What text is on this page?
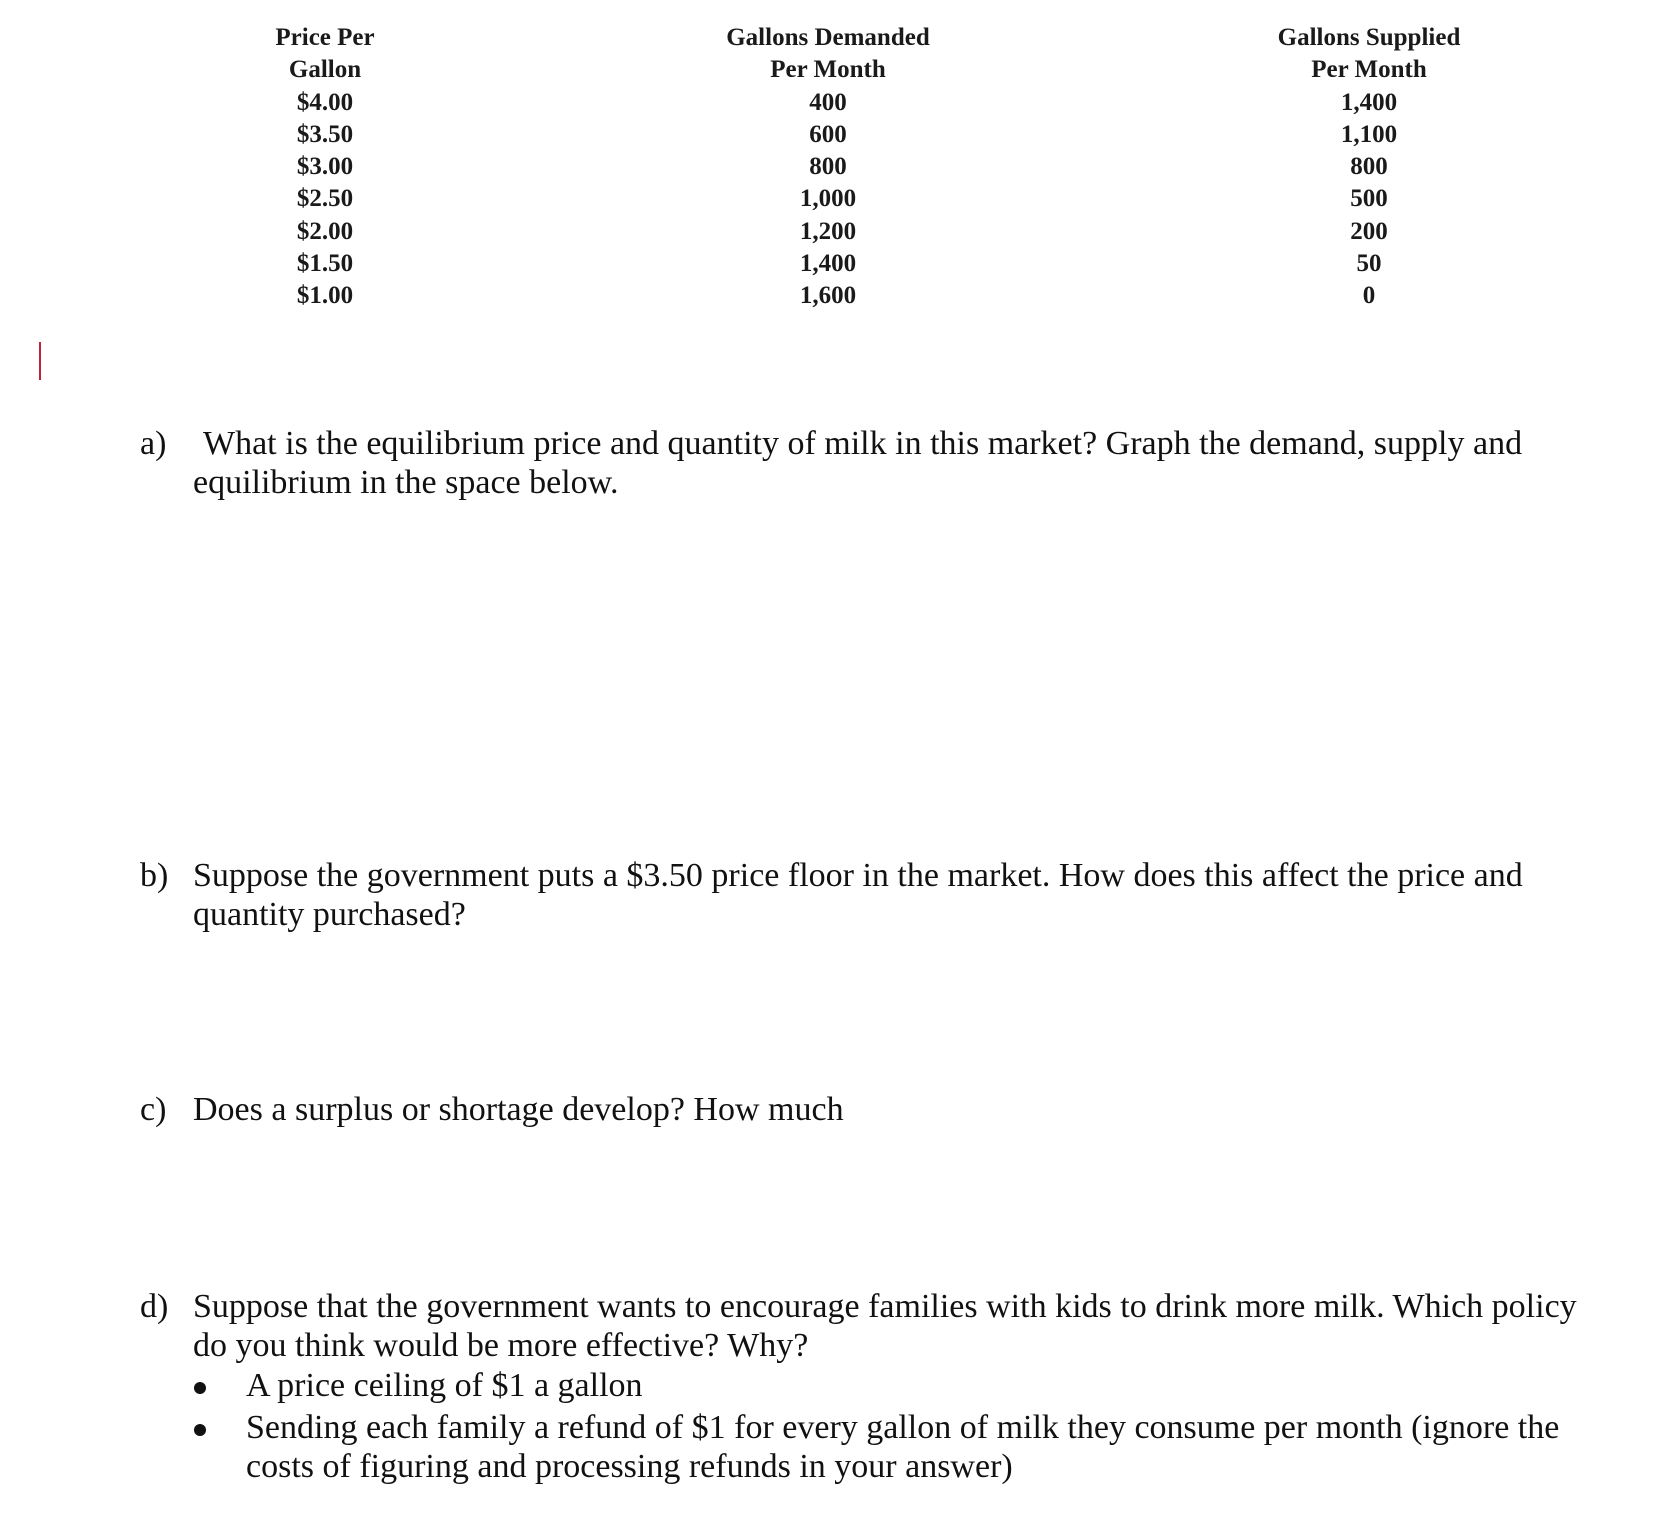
Price Per
Gallon
$4.00
$3.50
$3.00
$2.50
$2.00
$1.50
$1.00
Gallons Demanded
Per Month
400
600
800
1,000
1,200
1,400
1,600
Gallons Supplied
Per Month
1,400
1,100
800
500
200
50
0
a) What is the equilibrium price and quantity of milk in this market? Graph the demand, supply and
equilibrium in the space below.
b) Suppose the government puts a $3.50 price floor in the market. How does this affect the price and
quantity purchased?
c) Does a surplus or shortage develop? How much
d) Suppose that the government wants to encourage families with kids to drink more milk. Which policy
do you think would be more effective? Why?
A price ceiling of $1 a gallon
Sending each family a refund of $1 for every gallon of milk they consume per month (ignore the costs of figuring and processing refunds in your answer)
